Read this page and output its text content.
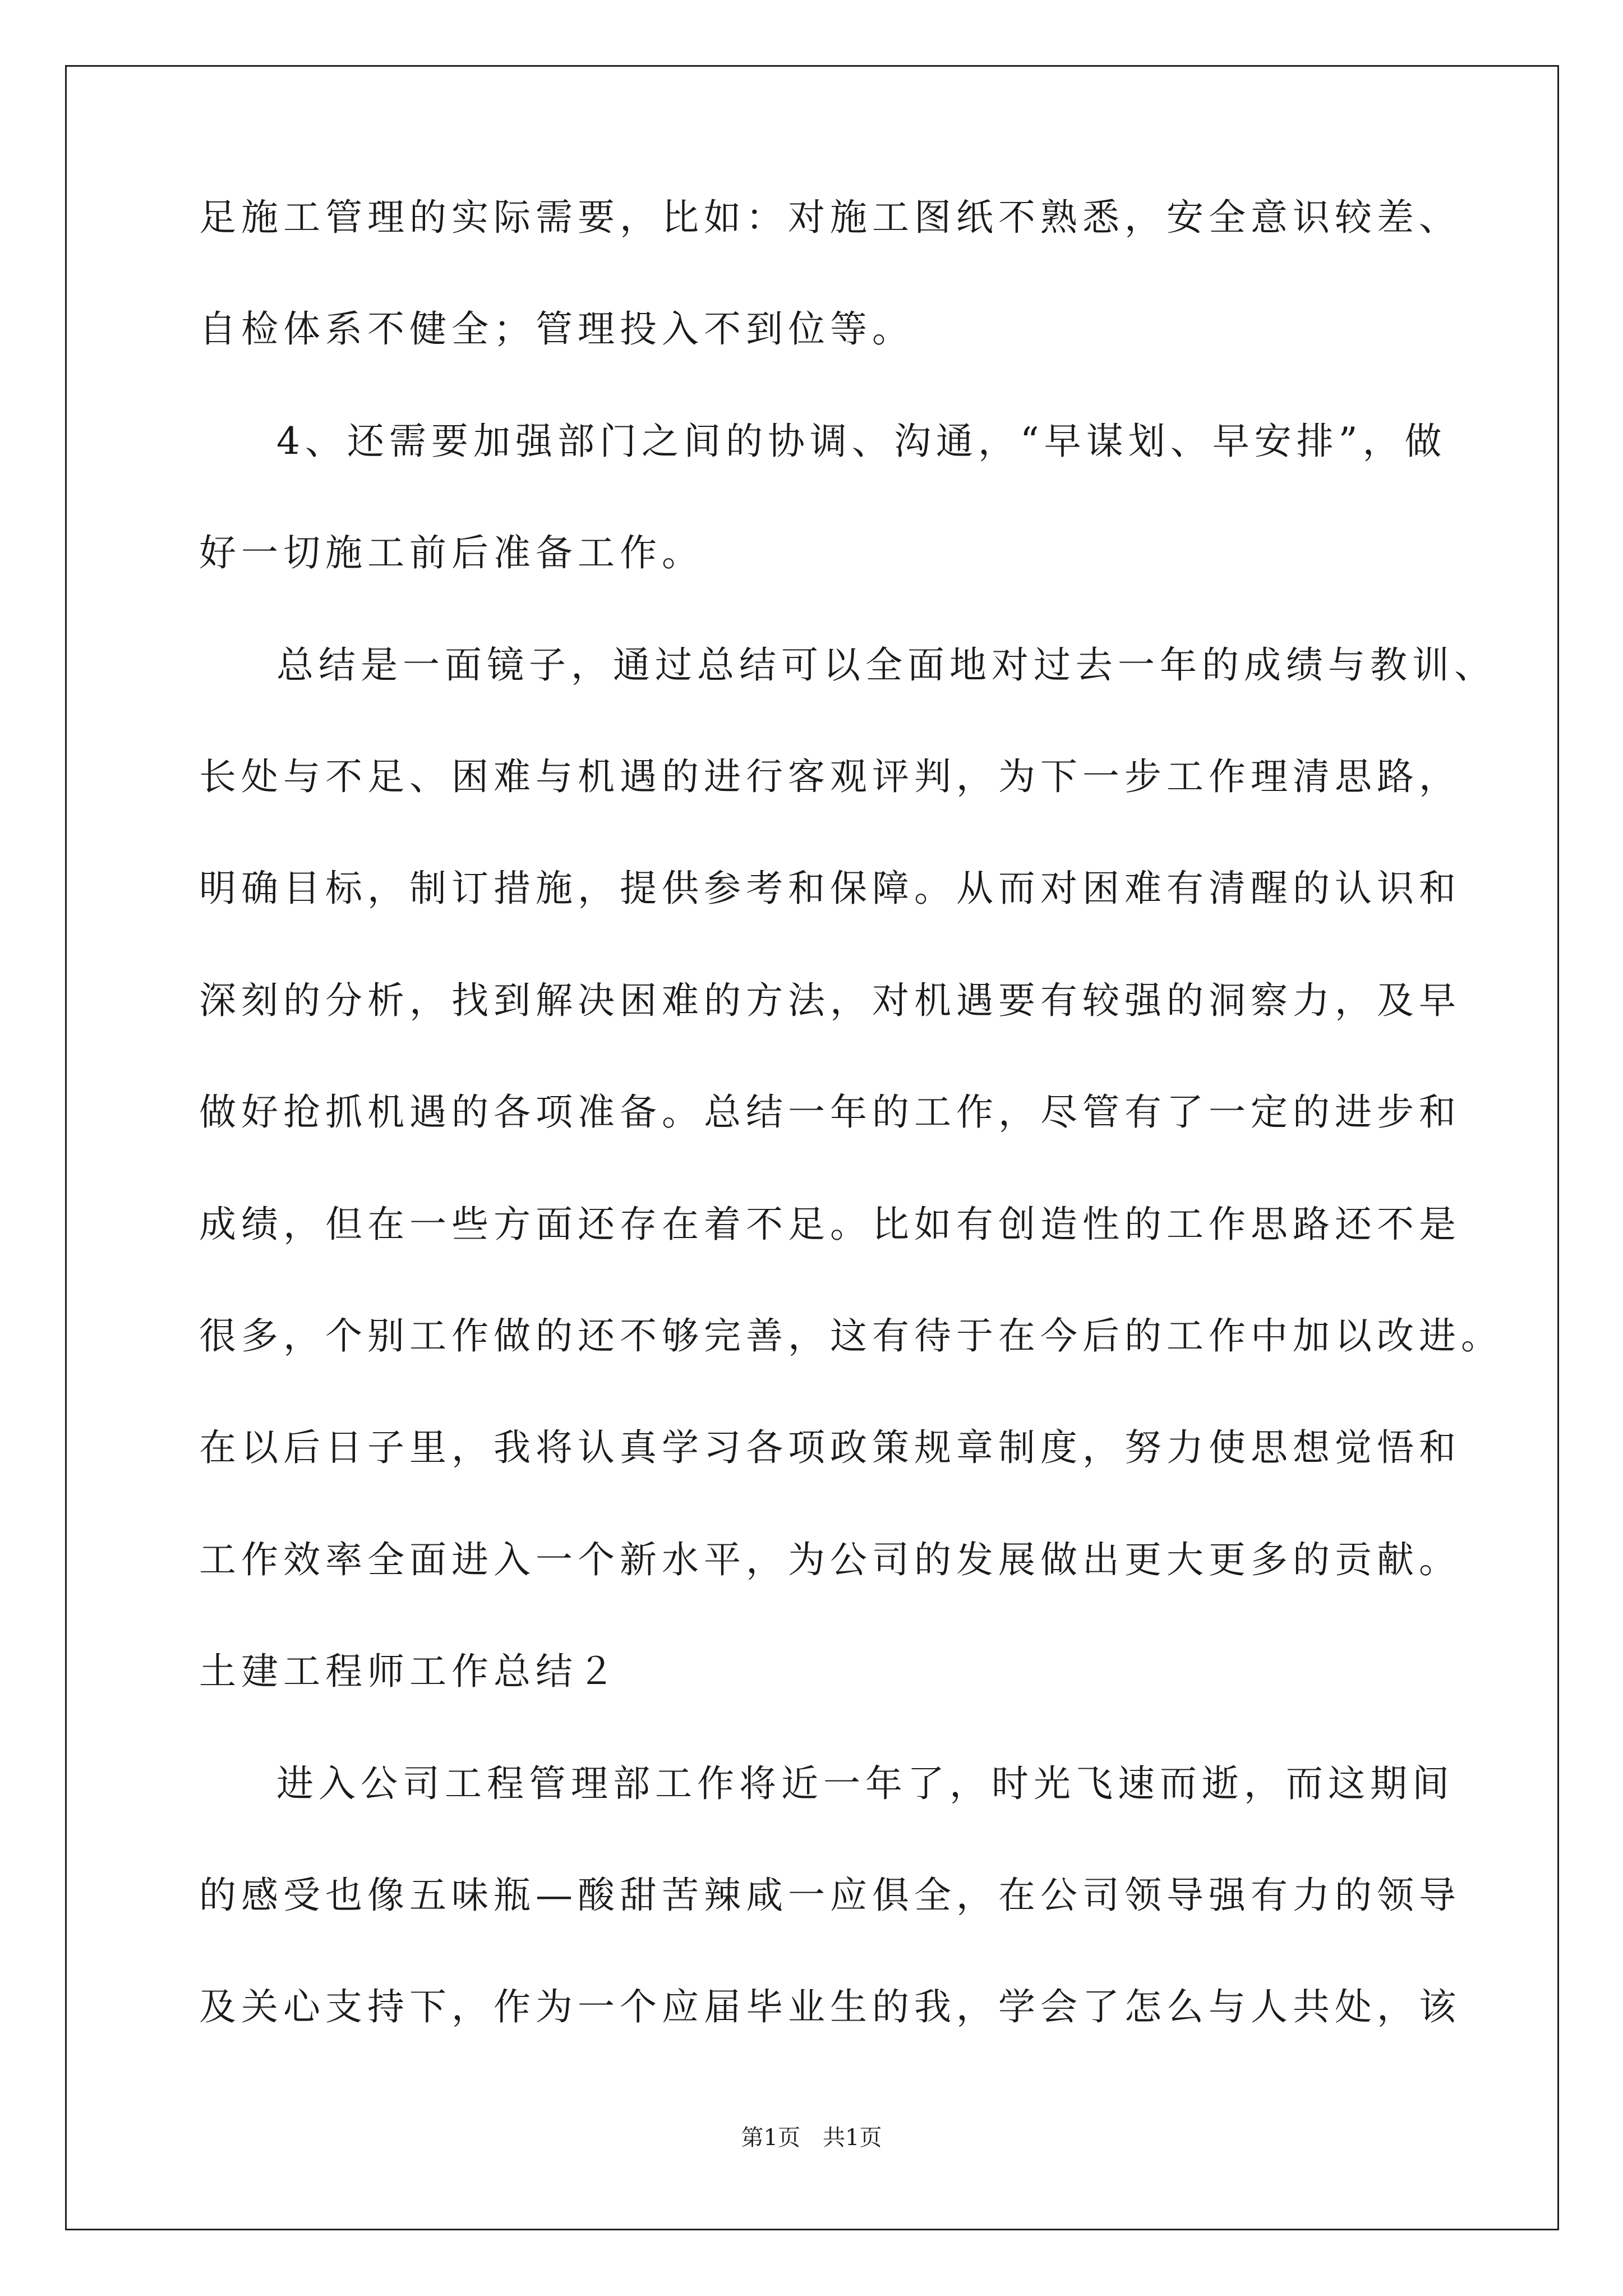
足施工管理的实际需要，比如：对施工图纸不熟悉，安全意识较差、
自检体系不健全；管理投入不到位等。
4、还需要加强部门之间的协调、沟通，“早谋划、早安排”，做
好一切施工前后准备工作。
总结是一面镜子，通过总结可以全面地对过去一年的成绩与教训、
长处与不足、困难与机遇的进行客观评判，为下一步工作理清思路，
明确目标，制订措施，提供参考和保障。从而对困难有清醒的认识和
深刻的分析，找到解决困难的方法，对机遇要有较强的洞察力，及早
做好抢抓机遇的各项准备。总结一年的工作，尽管有了一定的进步和
成绩，但在一些方面还存在着不足。比如有创造性的工作思路还不是
很多，个别工作做的还不够完善，这有待于在今后的工作中加以改进。
在以后日子里，我将认真学习各项政策规章制度，努力使思想觉悟和
工作效率全面进入一个新水平，为公司的发展做出更大更多的贡献。
土建工程师工作总结２
进入公司工程管理部工作将近一年了，时光飞速而逝，而这期间
的感受也像五味瓶—酸甜苦辣咸一应俱全，在公司领导强有力的领导
及关心支持下，作为一个应届毕业生的我，学会了怎么与人共处，该
第1页　共1页
